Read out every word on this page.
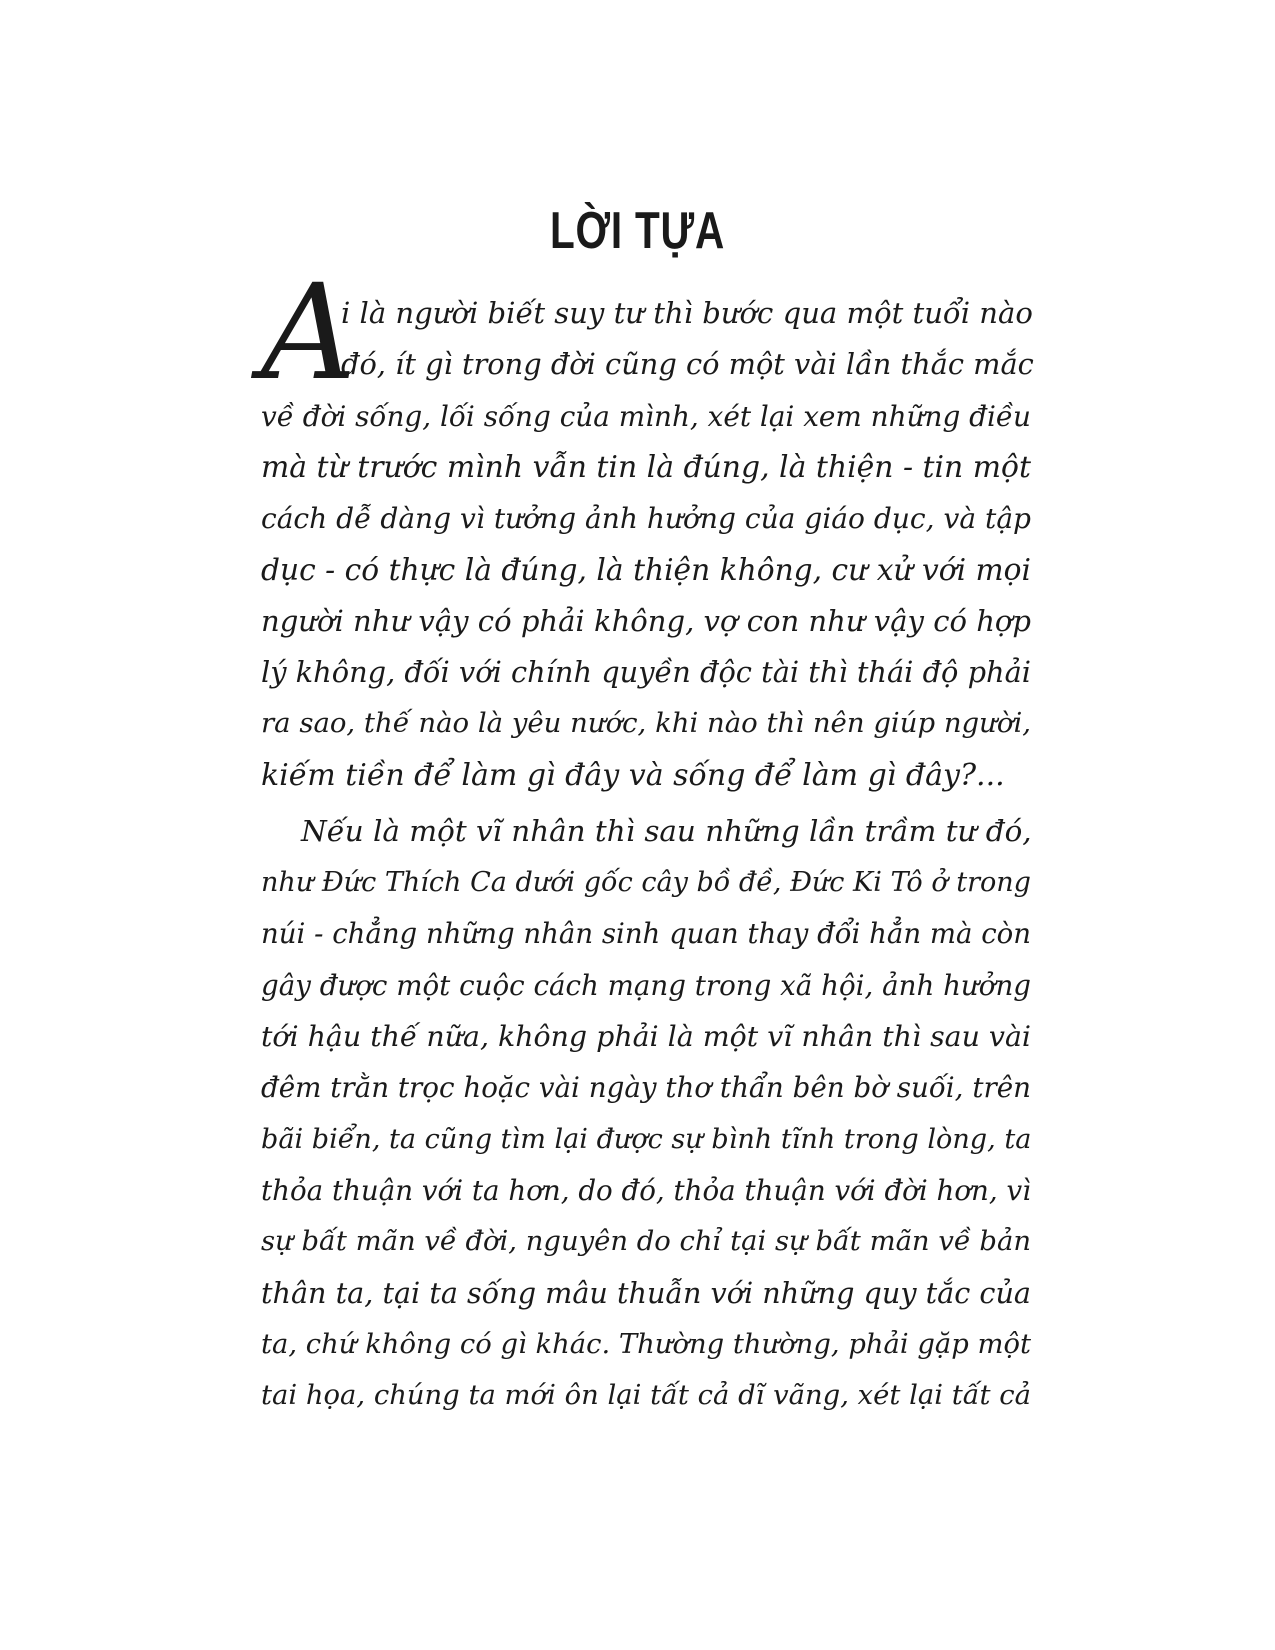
LỜI TỰA
A
i là người biết suy tư thì bước qua một tuổi nào
đó, ít gì trong đời cũng có một vài lần thắc mắc
về đời sống, lối sống của mình, xét lại xem những điều
mà từ trước mình vẫn tin là đúng, là thiện - tin một
cách dễ dàng vì tưởng ảnh hưởng của giáo dục, và tập
dục - có thực là đúng, là thiện không, cư xử với mọi
người như vậy có phải không, vợ con như vậy có hợp
lý không, đối với chính quyền độc tài thì thái độ phải
ra sao, thế nào là yêu nước, khi nào thì nên giúp người,
kiếm tiền để làm gì đây và sống để làm gì đây?...
Nếu là một vĩ nhân thì sau những lần trầm tư đó,
như Đức Thích Ca dưới gốc cây bồ đề, Đức Ki Tô ở trong
núi - chẳng những nhân sinh quan thay đổi hẳn mà còn
gây được một cuộc cách mạng trong xã hội, ảnh hưởng
tới hậu thế nữa, không phải là một vĩ nhân thì sau vài
đêm trằn trọc hoặc vài ngày thơ thẩn bên bờ suối, trên
bãi biển, ta cũng tìm lại được sự bình tĩnh trong lòng, ta
thỏa thuận với ta hơn, do đó, thỏa thuận với đời hơn, vì
sự bất mãn về đời, nguyên do chỉ tại sự bất mãn về bản
thân ta, tại ta sống mâu thuẫn với những quy tắc của
ta, chứ không có gì khác. Thường thường, phải gặp một
tai họa, chúng ta mới ôn lại tất cả dĩ vãng, xét lại tất cả
